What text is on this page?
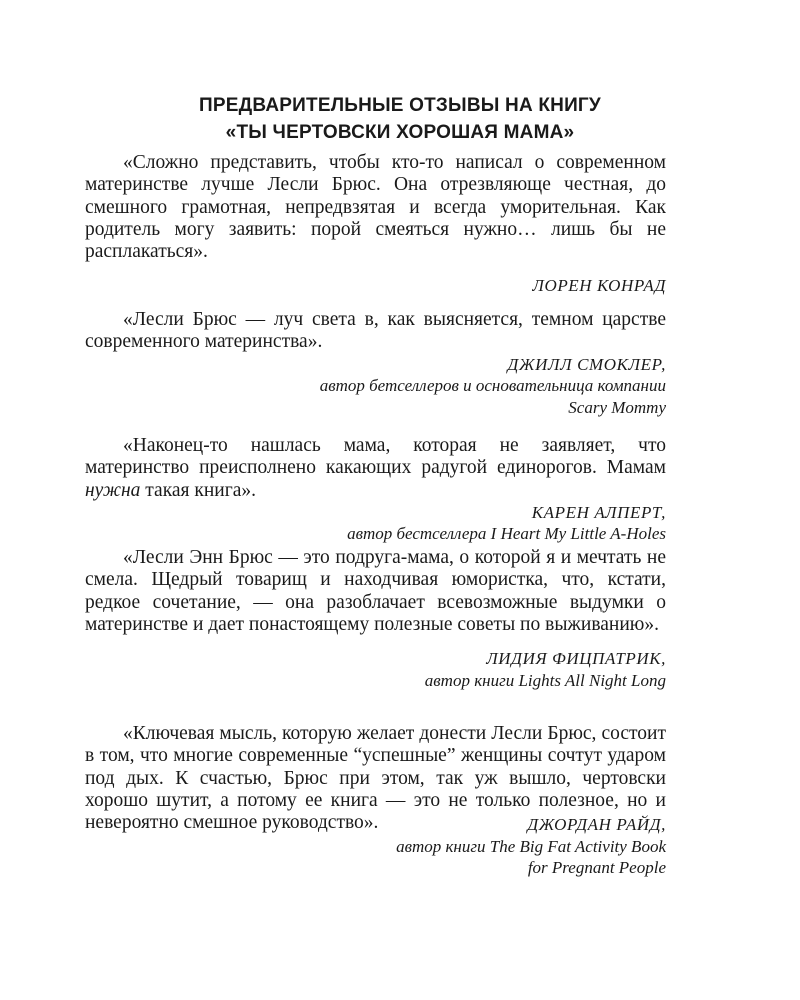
ПРЕДВАРИТЕЛЬНЫЕ ОТЗЫВЫ НА КНИГУ
«ТЫ ЧЕРТОВСКИ ХОРОШАЯ МАМА»

«Сложно представить, чтобы кто-то написал о современном материнстве лучше Лесли Брюс. Она отрезвляюще честная, до смешного грамотная, непредвзятая и всегда уморительная. Как родитель могу заявить: порой смеяться нужно… лишь бы не расплакаться».

ЛОРЕН КОНРАД

«Лесли Брюс — луч света в, как выясняется, темном царстве современного материнства».

ДЖИЛЛ СМОКЛЕР,
автор бетселлеров и основательница компании
Scary Mommy

«Наконец-то нашлась мама, которая не заявляет, что материнство преисполнено какающих радугой единорогов. Мамам нужна такая книга».

КАРЕН АЛПЕРТ,
автор бестселлера I Heart My Little A-Holes

«Лесли Энн Брюс — это подруга-мама, о которой я и мечтать не смела. Щедрый товарищ и находчивая юмористка, что, кстати, редкое сочетание, — она разоблачает всевозможные выдумки о материнстве и дает понастоящему полезные советы по выживанию».

ЛИДИЯ ФИЦПАТРИК,
автор книги Lights All Night Long

«Ключевая мысль, которую желает донести Лесли Брюс, состоит в том, что многие современные “успешные” женщины сочтут ударом под дых. К счастью, Брюс при этом, так уж вышло, чертовски хорошо шутит, а потому ее книга — это не только полезное, но и невероятно смешное руководство».	ДЖОРДАН РАЙД,
автор книги The Big Fat Activity Book
for Pregnant People
